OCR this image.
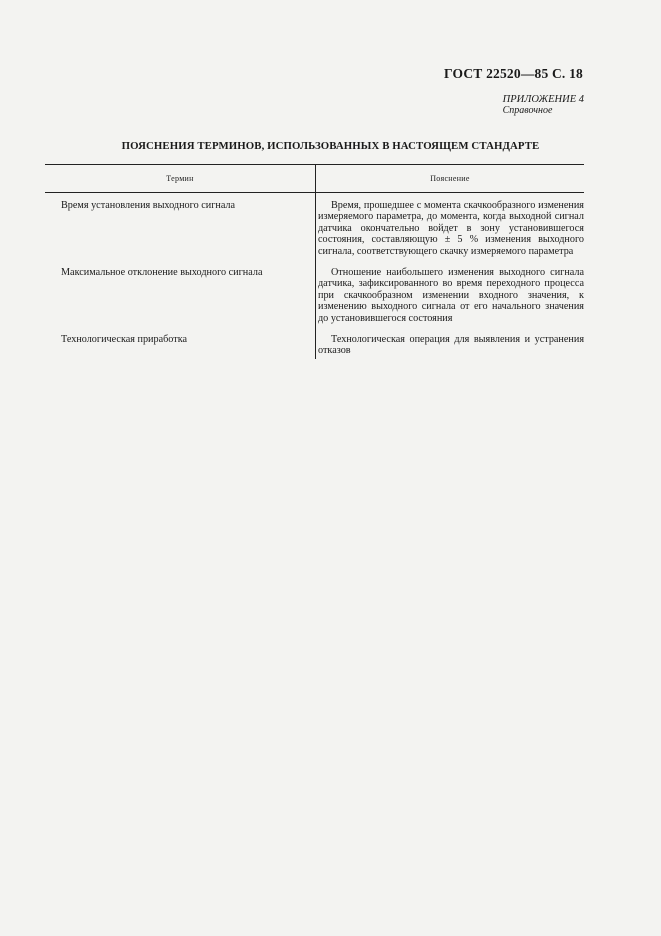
ГОСТ 22520—85 С. 18
ПРИЛОЖЕНИЕ 4
Справочное
ПОЯСНЕНИЯ ТЕРМИНОВ, ИСПОЛЬЗОВАННЫХ В НАСТОЯЩЕМ СТАНДАРТЕ
Термин	Пояснение
Время установления выходного сигнала	Время, прошедшее с момента скачкообразного изменения измеряемого параметра, до момента, когда выходной сигнал датчика окончательно войдет в зону установившегося состояния, составляющую ± 5 % изменения выходного сигнала, соответствующего скачку измеряемого параметра
Максимальное отклонение выходного сигнала	Отношение наибольшего изменения выходного сигнала датчика, зафиксированного во время переходного процесса при скачкообразном изменении входного значения, к изменению выходного сигнала от его начального значения до установившегося состояния
Технологическая приработка	Технологическая операция для выявления и устранения отказов
